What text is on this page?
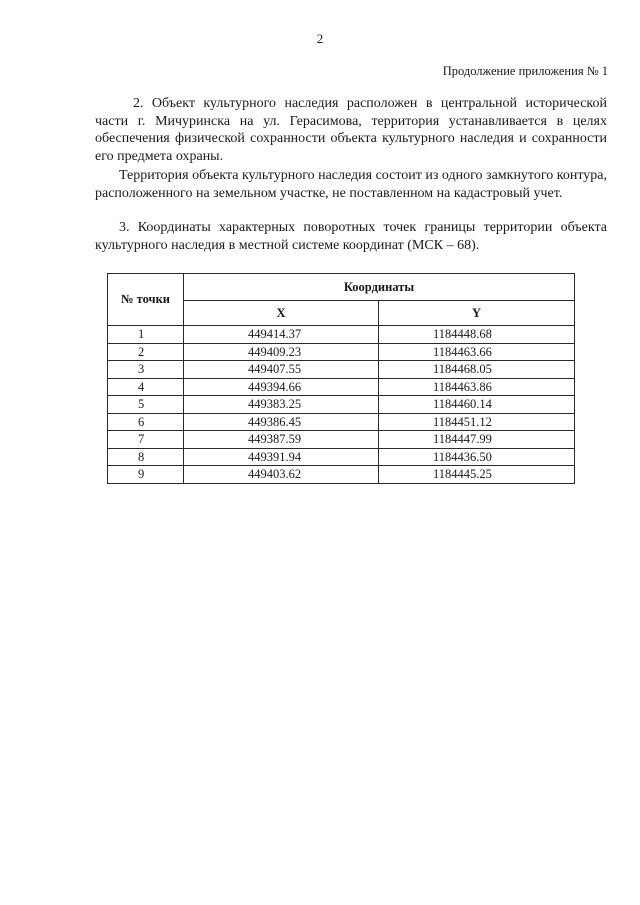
2
Продолжение приложения № 1

2. Объект культурного наследия расположен в центральной исторической части г. Мичуринска на ул. Герасимова, территория устанавливается в целях обеспечения физической сохранности объекта культурного наследия и сохранности его предмета охраны.

Территория объекта культурного наследия состоит из одного замкнутого контура, расположенного на земельном участке, не поставленном на кадастровый учет.

3. Координаты характерных поворотных точек границы территории объекта культурного наследия в местной системе координат (МСК – 68).

№ точки	Координаты	
	X	Y
1	449414.37	1184448.68
2	449409.23	1184463.66
3	449407.55	1184468.05
4	449394.66	1184463.86
5	449383.25	1184460.14
6	449386.45	1184451.12
7	449387.59	1184447.99
8	449391.94	1184436.50
9	449403.62	1184445.25
